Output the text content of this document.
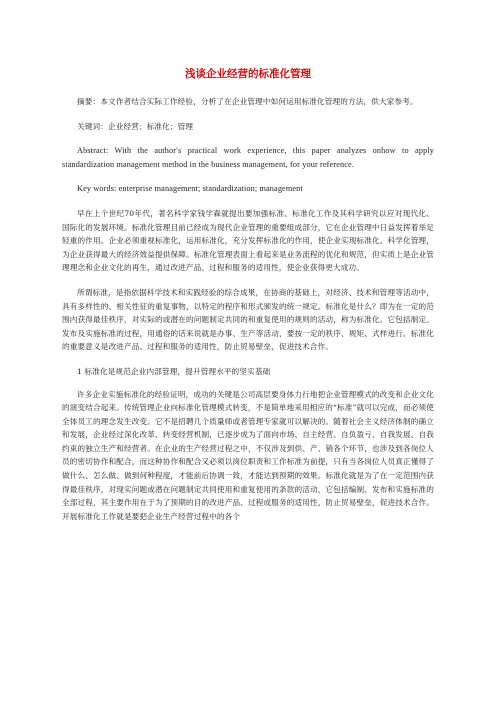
浅谈企业经营的标准化管理

摘要：本文作者结合实际工作经验，分析了在企业管理中如何运用标准化管理的方法，供大家参考。

关键词：企业经营；标准化；管理

Abstract: With the author′s practical work experience, this paper analyzes onhow to apply standardization management method in the business management, for your reference.

Key words: enterprise management; standardization; management

早在上个世纪70年代，著名科学家钱学森就提出要加强标准、标准化工作及其科学研究以应对现代化、国际化的发展环境。标准化管理目前已经成为现代企业管理的重要组成部分，它在企业管理中日益发挥着举足轻重的作用。企业必须重视标准化，运用标准化，充分发挥标准化的作用，使企业实现标准化、科学化管理，为企业获得最大的经济效益提供保障。标准化管理表面上看起来是业务流程的优化和规范，但实质上是企业管理理念和企业文化的再生，通过改进产品、过程和服务的适用性，使企业获得更大成功。

所谓标准，是指依据科学技术和实践经验的综合成果，在协商的基础上，对经济、技术和管理等活动中，具有多样性的、相关性征的重复事物，以特定的程序和形式颁发的统一规定。标准化是什么？即为在一定的范围内获得最佳秩序，对实际的或潜在的问题制定共同的和重复使用的规则的活动，称为标准化。它包括制定、发布及实施标准的过程，用通俗的话来说就是办事、生产等活动，要按一定的秩序、规矩、式样进行。标准化的重要意义是改进产品、过程和服务的适用性，防止贸易壁垒，促进技术合作。

1 标准化是规范企业内部管理，提升管理水平的坚实基础

许多企业实施标准化的经验证明，成功的关键是公司高层要身体力行地把企业管理模式的改变和企业文化的演变结合起来。传统管理企业向标准化管理模式转变，不是简单地采用相应的“标准”就可以完成，而必须使全体员工的理念发生改变。它不是招聘几个质量师或者管理专家就可以解决的。随着社会主义经济体制的确立和发展，企业经过深化改革、转变经营机制，已逐步成为了面向市场、自主经营、自负盈亏、自我发展、自我约束的独立生产和经营者。在企业的生产经营过程之中，不仅涉及到供、产、销各个环节，也涉及到各岗位人员的密切协作和配合，而这种协作和配合又必须以岗位职责和工作标准为前提，只有当各岗位人员真正懂得了做什么、怎么做、做到何种程度，才能前后协调一致，才能达到预期的效果。标准化就是为了在一定范围内获得最佳秩序，对现实问题或潜在问题制定共同使用和重复使用的条款的活动，它包括编制、发布和实施标准的全部过程，其主要作用在于为了预期的目的改进产品、过程或服务的适用性，防止贸易壁垒，促进技术合作。开展标准化工作就是要把企业生产经营过程中的各个
